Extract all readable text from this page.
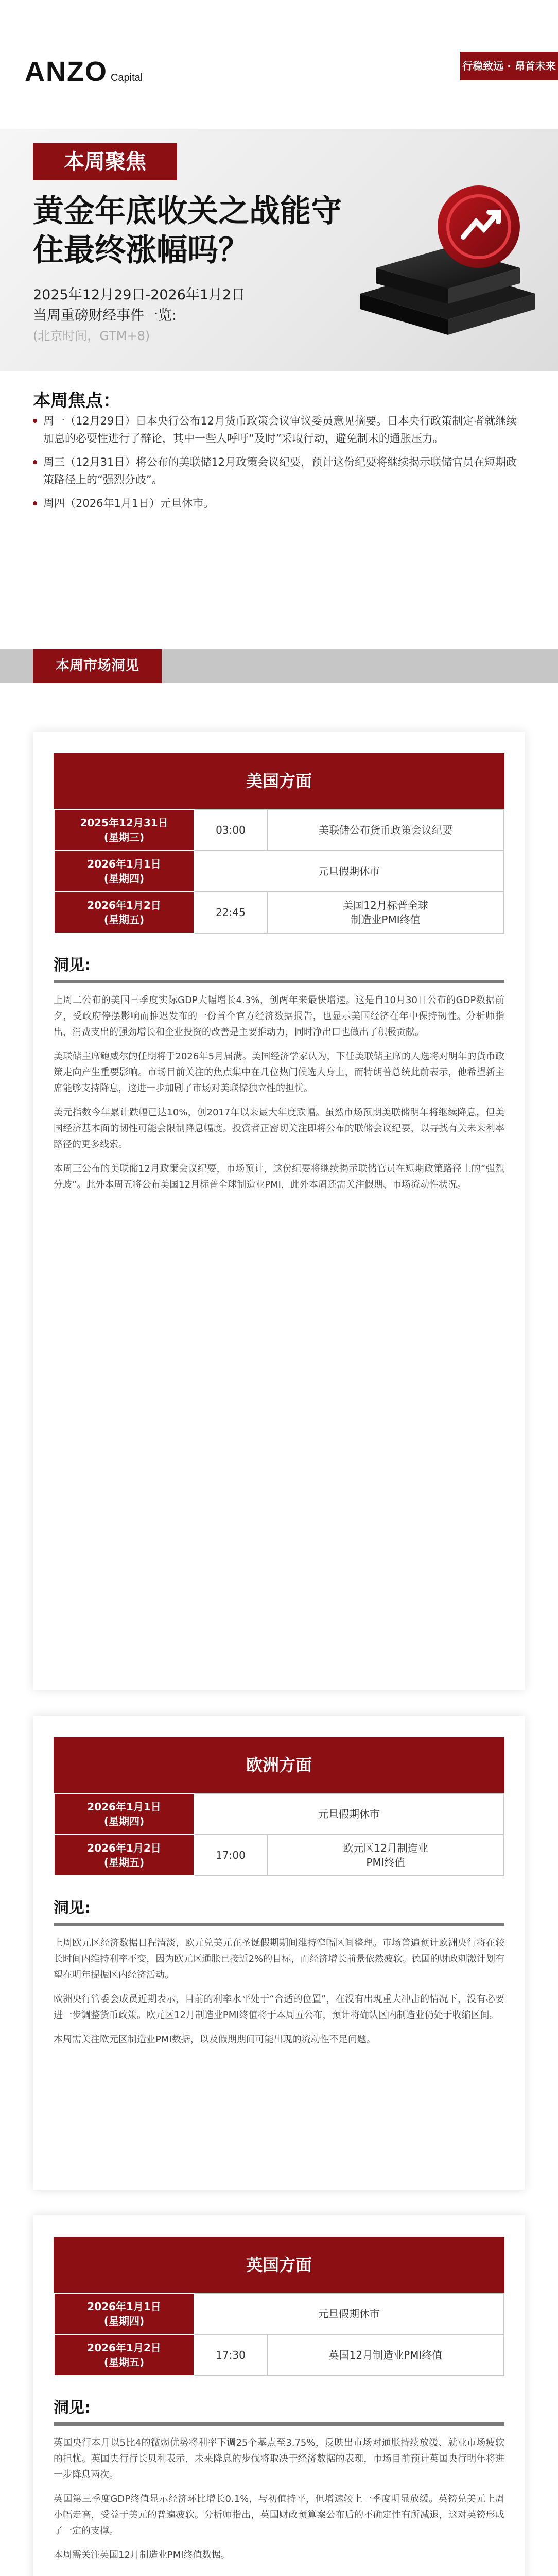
ANZO Capital
行稳致远 · 昂首未来
本周聚焦
黄金年底收关之战能守住最终涨幅吗？
2025年12月29日-2026年1月2日
当周重磅财经事件一览:
(北京时间，GTM+8)
本周焦点：
周一（12月29日）日本央行公布12月货币政策会议审议委员意见摘要。日本央行政策制定者就继续加息的必要性进行了辩论，其中一些人呼吁“及时”采取行动，避免制未的通胀压力。
周三（12月31日）将公布的美联储12月政策会议纪要，预计这份纪要将继续揭示联储官员在短期政策路径上的“强烈分歧”。
周四（2026年1月1日）元旦休市。
本周市场洞见
美国方面
2025年12月31日
(星期三)	03:00	美联储公布货币政策会议纪要
2026年1月1日
(星期四)	元旦假期休市	
2026年1月2日
(星期五)	22:45	美国12月标普全球
制造业PMI终值
洞见:

上周二公布的美国三季度实际GDP大幅增长4.3%，创两年来最快增速。这是自10月30日公布的GDP数据前夕，受政府停摆影响而推迟发布的一份首个官方经济数据报告，也显示美国经济在年中保持韧性。分析师指出，消费支出的强劲增长和企业投资的改善是主要推动力，同时净出口也做出了积极贡献。

美联储主席鲍威尔的任期将于2026年5月届满。美国经济学家认为，下任美联储主席的人选将对明年的货币政策走向产生重要影响。市场目前关注的焦点集中在几位热门候选人身上，而特朗普总统此前表示，他希望新主席能够支持降息，这进一步加剧了市场对美联储独立性的担忧。

美元指数今年累计跌幅已达10%，创2017年以来最大年度跌幅。虽然市场预期美联储明年将继续降息，但美国经济基本面的韧性可能会限制降息幅度。投资者正密切关注即将公布的联储会议纪要，以寻找有关未来利率路径的更多线索。

本周三公布的美联储12月政策会议纪要，市场预计，这份纪要将继续揭示联储官员在短期政策路径上的“强烈分歧”。此外本周五将公布美国12月标普全球制造业PMI，此外本周还需关注假期、市场流动性状况。

欧洲方面
2026年1月1日
(星期四)	元旦假期休市	
2026年1月2日
(星期五)	17:00	欧元区12月制造业
PMI终值
洞见:

上周欧元区经济数据日程清淡，欧元兑美元在圣诞假期期间维持窄幅区间整理。市场普遍预计欧洲央行将在较长时间内维持利率不变，因为欧元区通胀已接近2%的目标，而经济增长前景依然疲软。德国的财政刺激计划有望在明年提振区内经济活动。

欧洲央行管委会成员近期表示，目前的利率水平处于“合适的位置”，在没有出现重大冲击的情况下，没有必要进一步调整货币政策。欧元区12月制造业PMI终值将于本周五公布，预计将确认区内制造业仍处于收缩区间。

本周需关注欧元区制造业PMI数据，以及假期期间可能出现的流动性不足问题。

英国方面
2026年1月1日
(星期四)	元旦假期休市	
2026年1月2日
(星期五)	17:30	英国12月制造业PMI终值
洞见:

英国央行本月以5比4的微弱优势将利率下调25个基点至3.75%，反映出市场对通胀持续放缓、就业市场疲软的担忧。英国央行行长贝利表示，未来降息的步伐将取决于经济数据的表现，市场目前预计英国央行明年将进一步降息两次。

英国第三季度GDP终值显示经济环比增长0.1%，与初值持平，但增速较上一季度明显放缓。英镑兑美元上周小幅走高，受益于美元的普遍疲软。分析师指出，英国财政预算案公布后的不确定性有所减退，这对英镑形成了一定的支撑。

本周需关注英国12月制造业PMI终值数据。
